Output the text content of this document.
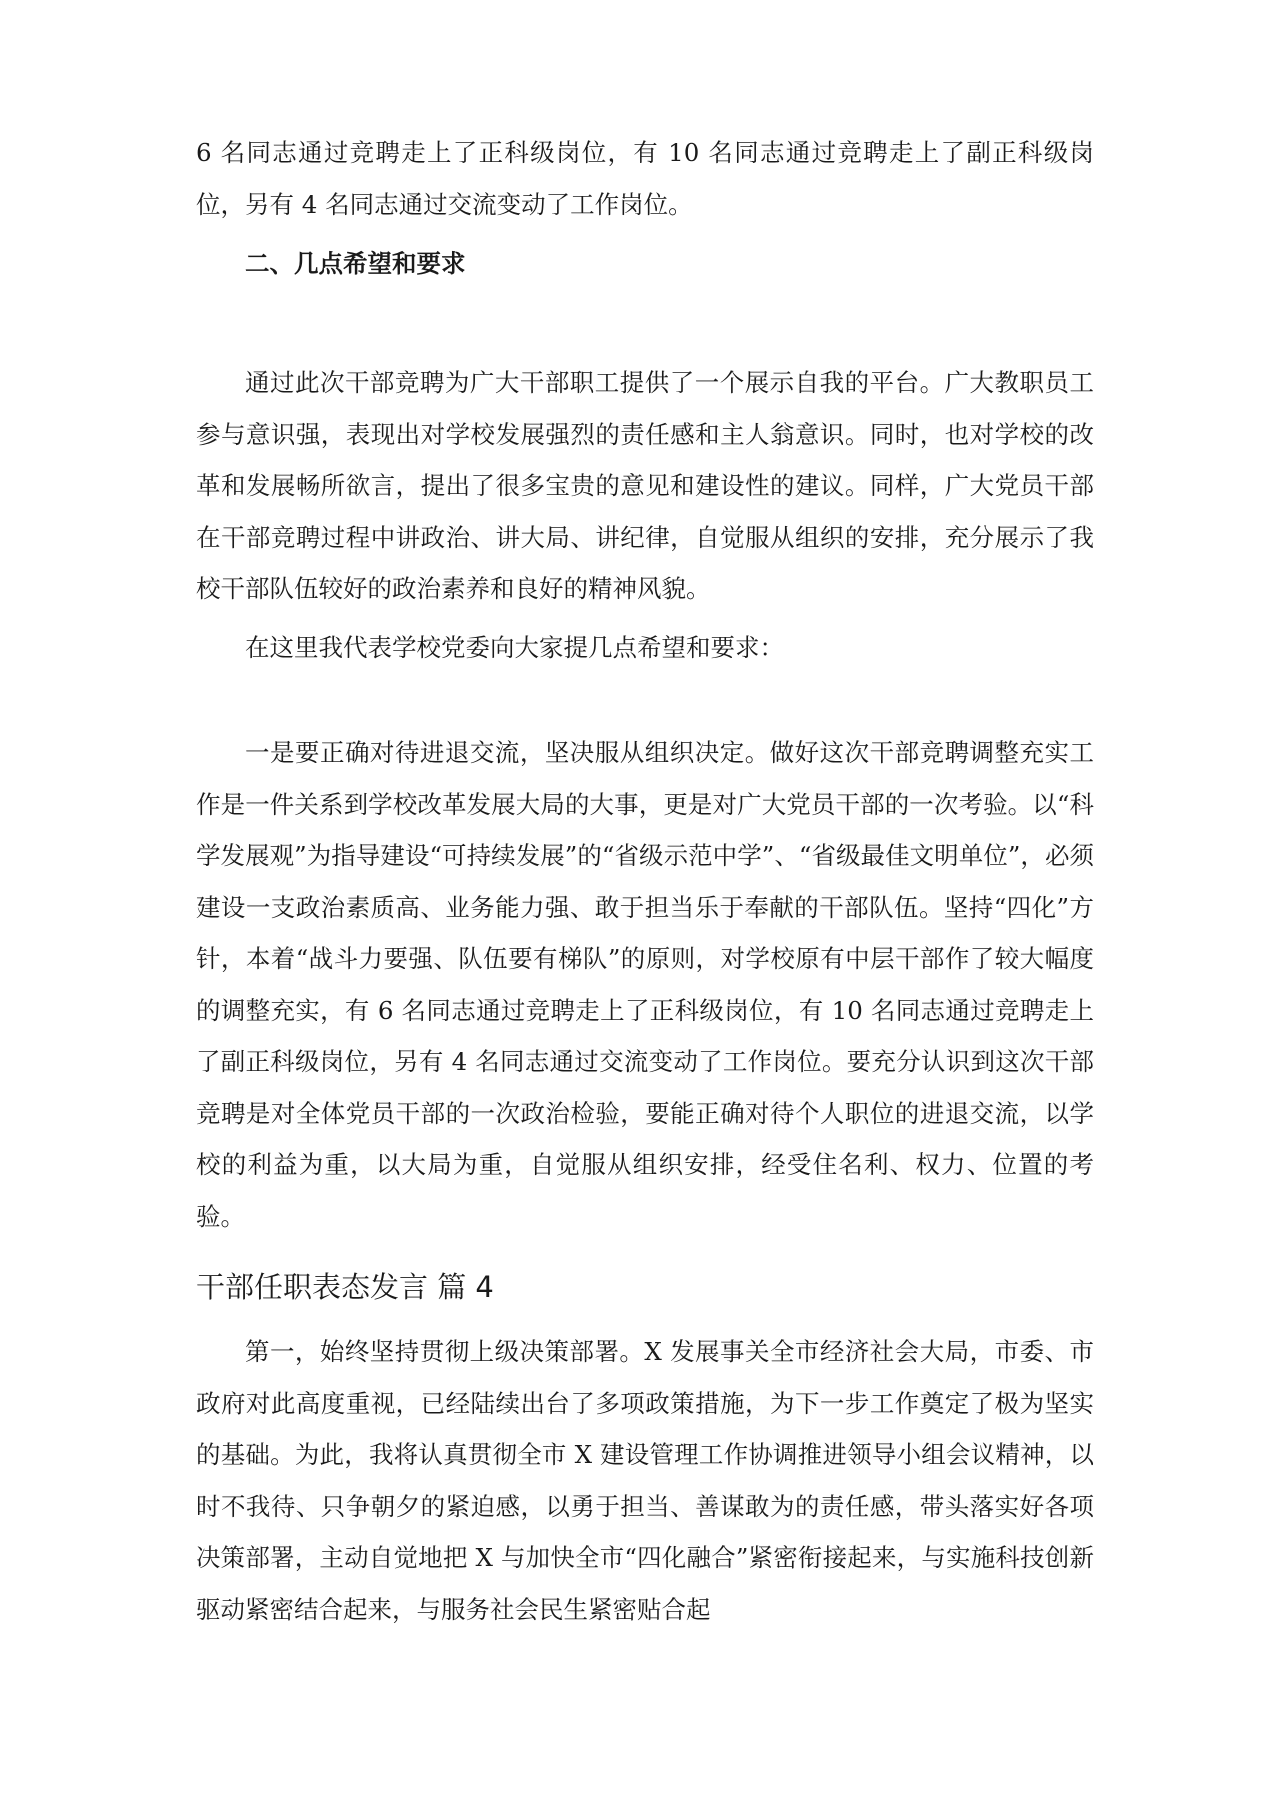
6 名同志通过竞聘走上了正科级岗位，有 10 名同志通过竞聘走上了副正科级岗位，另有 4 名同志通过交流变动了工作岗位。

二、几点希望和要求

通过此次干部竞聘为广大干部职工提供了一个展示自我的平台。广大教职员工参与意识强，表现出对学校发展强烈的责任感和主人翁意识。同时，也对学校的改革和发展畅所欲言，提出了很多宝贵的意见和建设性的建议。同样，广大党员干部在干部竞聘过程中讲政治、讲大局、讲纪律，自觉服从组织的安排，充分展示了我校干部队伍较好的政治素养和良好的精神风貌。

在这里我代表学校党委向大家提几点希望和要求：

一是要正确对待进退交流，坚决服从组织决定。做好这次干部竞聘调整充实工作是一件关系到学校改革发展大局的大事，更是对广大党员干部的一次考验。以“科学发展观”为指导建设“可持续发展”的“省级示范中学”、“省级最佳文明单位”，必须建设一支政治素质高、业务能力强、敢于担当乐于奉献的干部队伍。坚持“四化”方针，本着“战斗力要强、队伍要有梯队”的原则，对学校原有中层干部作了较大幅度的调整充实，有 6 名同志通过竞聘走上了正科级岗位，有 10 名同志通过竞聘走上了副正科级岗位，另有 4 名同志通过交流变动了工作岗位。要充分认识到这次干部竞聘是对全体党员干部的一次政治检验，要能正确对待个人职位的进退交流，以学校的利益为重，以大局为重，自觉服从组织安排，经受住名利、权力、位置的考验。

干部任职表态发言 篇 4

第一，始终坚持贯彻上级决策部署。X 发展事关全市经济社会大局，市委、市政府对此高度重视，已经陆续出台了多项政策措施，为下一步工作奠定了极为坚实的基础。为此，我将认真贯彻全市 X 建设管理工作协调推进领导小组会议精神，以时不我待、只争朝夕的紧迫感，以勇于担当、善谋敢为的责任感，带头落实好各项决策部署，主动自觉地把 X 与加快全市“四化融合”紧密衔接起来，与实施科技创新驱动紧密结合起来，与服务社会民生紧密贴合起
